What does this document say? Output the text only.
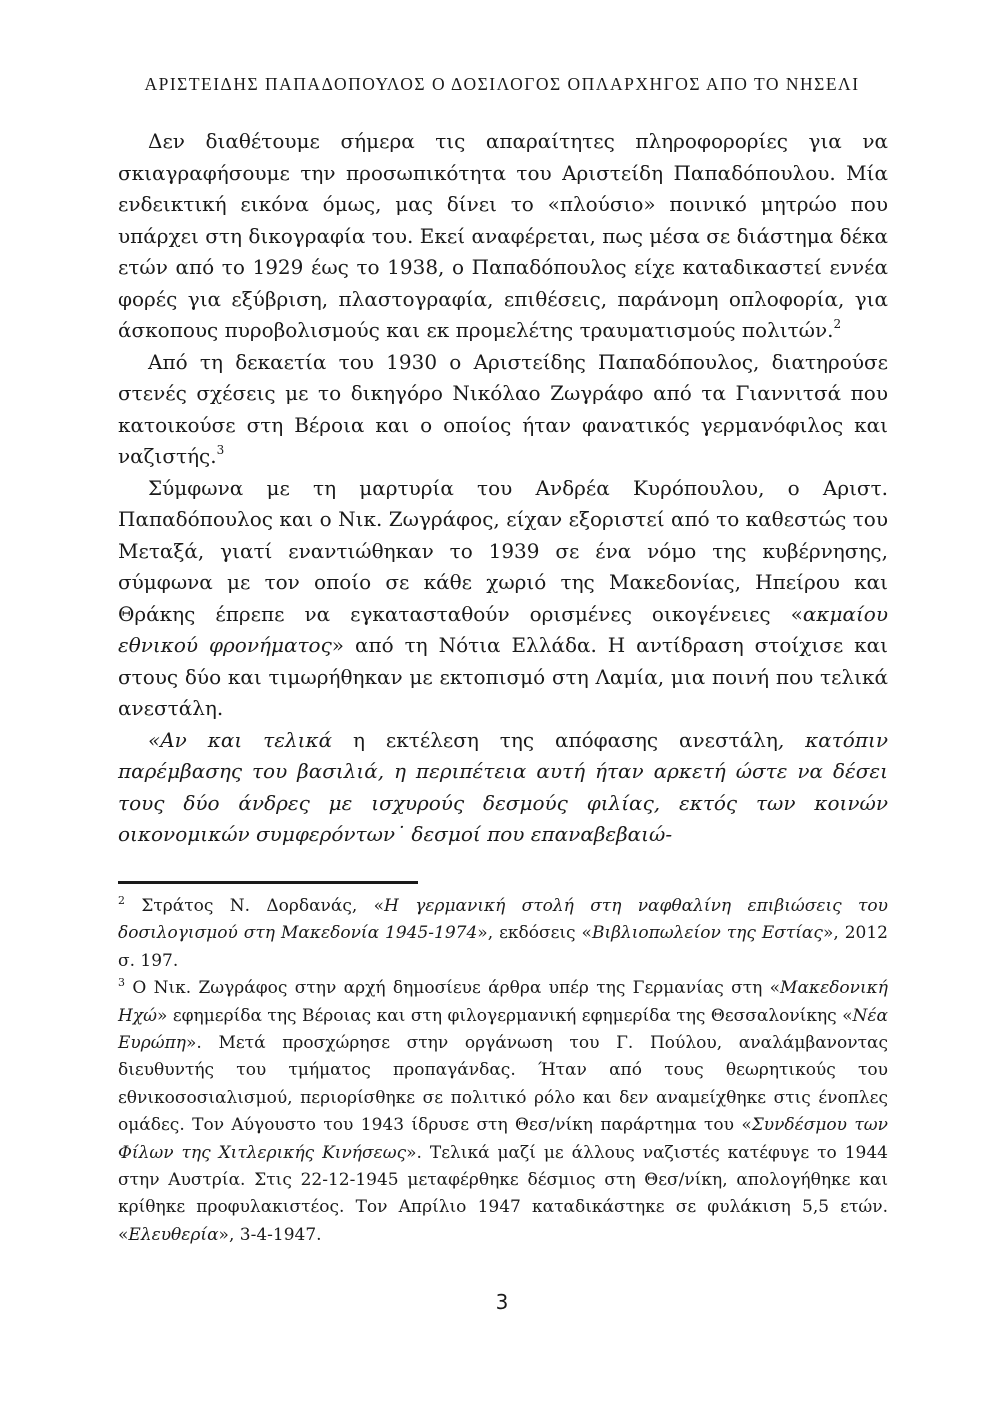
ΑΡΙΣΤΕΙΔΗΣ ΠΑΠΑΔΟΠΟΥΛΟΣ Ο ΔΟΣΙΛΟΓΟΣ ΟΠΛΑΡΧΗΓΟΣ ΑΠΟ ΤΟ ΝΗΣΕΛΙ

Δεν διαθέτουμε σήμερα τις απαραίτητες πληροφορορίες για να σκιαγραφήσουμε την προσωπικότητα του Αριστείδη Παπαδόπουλου. Μία ενδεικτική εικόνα όμως, μας δίνει το «πλούσιο» ποινικό μητρώο που υπάρχει στη δικογραφία του. Εκεί αναφέρεται, πως μέσα σε διάστημα δέκα ετών από το 1929 έως το 1938, ο Παπαδόπουλος είχε καταδικαστεί εννέα φορές για εξύβριση, πλαστογραφία, επιθέσεις, παράνομη οπλοφορία, για άσκοπους πυροβολισμούς και εκ προμελέτης τραυματισμούς πολιτών.$^2$

Από τη δεκαετία του 1930 ο Αριστείδης Παπαδόπουλος, διατηρούσε στενές σχέσεις με το δικηγόρο Νικόλαο Ζωγράφο από τα Γιαννιτσά που κατοικούσε στη Βέροια και ο οποίος ήταν φανατικός γερμανόφιλος και ναζιστής.$^3$

Σύμφωνα με τη μαρτυρία του Ανδρέα Κυρόπουλου, ο Αριστ. Παπαδόπουλος και ο Νικ. Ζωγράφος, είχαν εξοριστεί από το καθεστώς του Μεταξά, γιατί εναντιώθηκαν το 1939 σε ένα νόμο της κυβέρνησης, σύμφωνα με τον οποίο σε κάθε χωριό της Μακεδονίας, Ηπείρου και Θράκης έπρεπε να εγκατασταθούν ορισμένες οικογένειες «ακμαίου εθνικού φρονήματος» από τη Νότια Ελλάδα. Η αντίδραση στοίχισε και στους δύο και τιμωρήθηκαν με εκτοπισμό στη Λαμία, μια ποινή που τελικά ανεστάλη.

«Αν και τελικά η εκτέλεση της απόφασης ανεστάλη, κατόπιν παρέμβασης του βασιλιά, η περιπέτεια αυτή ήταν αρκετή ώστε να δέσει τους δύο άνδρες με ισχυρούς δεσμούς φιλίας, εκτός των κοινών οικονομικών συμφερόντων˙ δεσμοί που επαναβεβαιώ-

$^2$ Στράτος Ν. Δορδανάς, «Η γερμανική στολή στη ναφθαλίνη επιβιώσεις του δοσιλογισμού στη Μακεδονία 1945-1974», εκδόσεις «Βιβλιοπωλείον της Εστίας», 2012 σ. 197.

$^3$ Ο Νικ. Ζωγράφος στην αρχή δημοσίευε άρθρα υπέρ της Γερμανίας στη «Μακεδονική Ηχώ» εφημερίδα της Βέροιας και στη φιλογερμανική εφημερίδα της Θεσσαλονίκης «Νέα Ευρώπη». Μετά προσχώρησε στην οργάνωση του Γ. Πούλου, αναλάμβανοντας διευθυντής του τμήματος προπαγάνδας. Ήταν από τους θεωρητικούς του εθνικοσοσιαλισμού, περιορίσθηκε σε πολιτικό ρόλο και δεν αναμείχθηκε στις ένοπλες ομάδες. Τον Αύγουστο του 1943 ίδρυσε στη Θεσ/νίκη παράρτημα του «Συνδέσμου των Φίλων της Χιτλερικής Κινήσεως». Τελικά μαζί με άλλους ναζιστές κατέφυγε το 1944 στην Αυστρία. Στις 22-12-1945 μεταφέρθηκε δέσμιος στη Θεσ/νίκη, απολογήθηκε και κρίθηκε προφυλακιστέος. Τον Απρίλιο 1947 καταδικάστηκε σε φυλάκιση 5,5 ετών. «Ελευθερία», 3-4-1947.

3
